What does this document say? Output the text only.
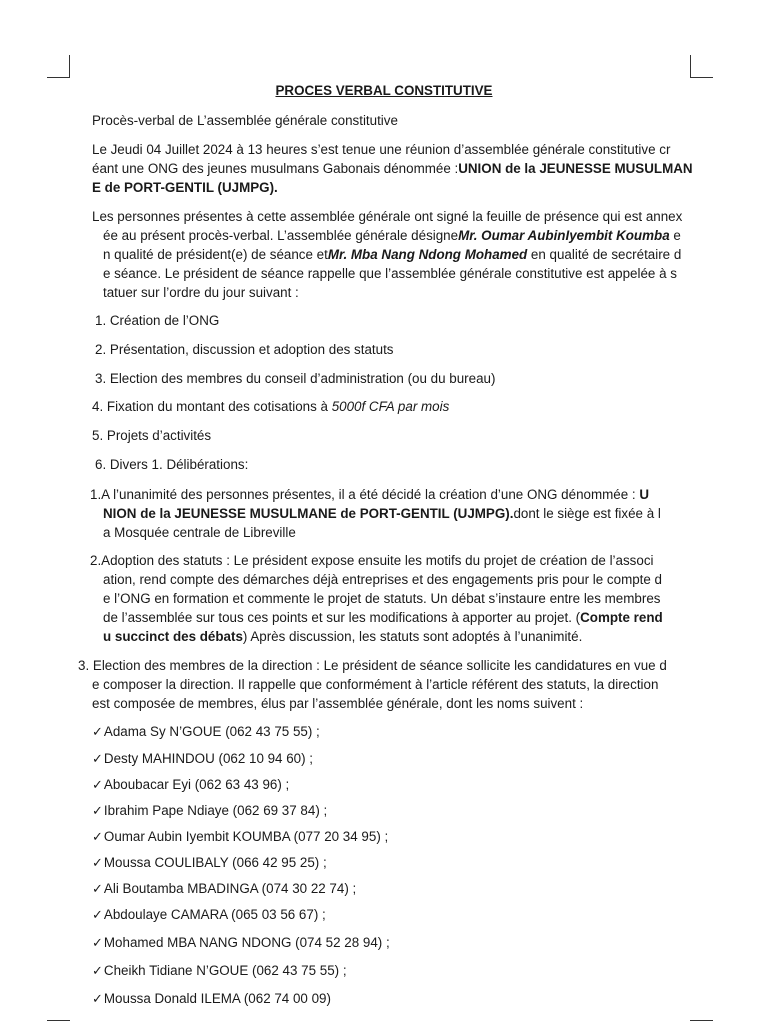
PROCES VERBAL CONSTITUTIVE

Procès-verbal de L’assemblée générale constitutive

Le Jeudi 04 Juillet 2024 à 13 heures s’est tenue une réunion d’assemblée générale constitutive cr

éant une ONG des jeunes musulmans Gabonais dénommée :UNION de la JEUNESSE MUSULMAN

E de PORT-GENTIL (UJMPG).

Les personnes présentes à cette assemblée générale ont signé la feuille de présence qui est annex

ée au présent procès-verbal. L’assemblée générale désigneMr. Oumar AubinIyembit Koumba e

n qualité de président(e) de séance etMr. Mba Nang Ndong Mohamed en qualité de secrétaire d

e séance. Le président de séance rappelle que l’assemblée générale constitutive est appelée à s

tatuer sur l’ordre du jour suivant :

1. Création de l’ONG

2. Présentation, discussion et adoption des statuts

3. Election des membres du conseil d’administration (ou du bureau)

4. Fixation du montant des cotisations à 5000f CFA par mois

5. Projets d’activités

6. Divers 1. Délibérations:

1.A l’unanimité des personnes présentes, il a été décidé la création d’une ONG dénommée : U

NION de la JEUNESSE MUSULMANE de PORT-GENTIL (UJMPG).dont le siège est fixée à l

a Mosquée centrale de Libreville

2.Adoption des statuts : Le président expose ensuite les motifs du projet de création de l’associ

ation, rend compte des démarches déjà entreprises et des engagements pris pour le compte d

e l’ONG en formation et commente le projet de statuts. Un débat s’instaure entre les membres

de l’assemblée sur tous ces points et sur les modifications à apporter au projet. (Compte rend

u succinct des débats) Après discussion, les statuts sont adoptés à l’unanimité.

3. Election des membres de la direction : Le président de séance sollicite les candidatures en vue d

e composer la direction. Il rappelle que conformément à l’article référent des statuts, la direction

est composée de membres, élus par l’assemblée générale, dont les noms suivent :

✓Adama Sy N’GOUE (062 43 75 55) ;

✓Desty MAHINDOU (062 10 94 60) ;

✓Aboubacar Eyi (062 63 43 96) ;

✓Ibrahim Pape Ndiaye (062 69 37 84) ;

✓Oumar Aubin Iyembit KOUMBA (077 20 34 95) ;

✓Moussa COULIBALY (066 42 95 25) ;

✓Ali Boutamba MBADINGA (074 30 22 74) ;

✓Abdoulaye CAMARA (065 03 56 67) ;

✓Mohamed MBA NANG NDONG (074 52 28 94) ;

✓Cheikh Tidiane N’GOUE (062 43 75 55) ;

✓Moussa Donald ILEMA (062 74 00 09)
